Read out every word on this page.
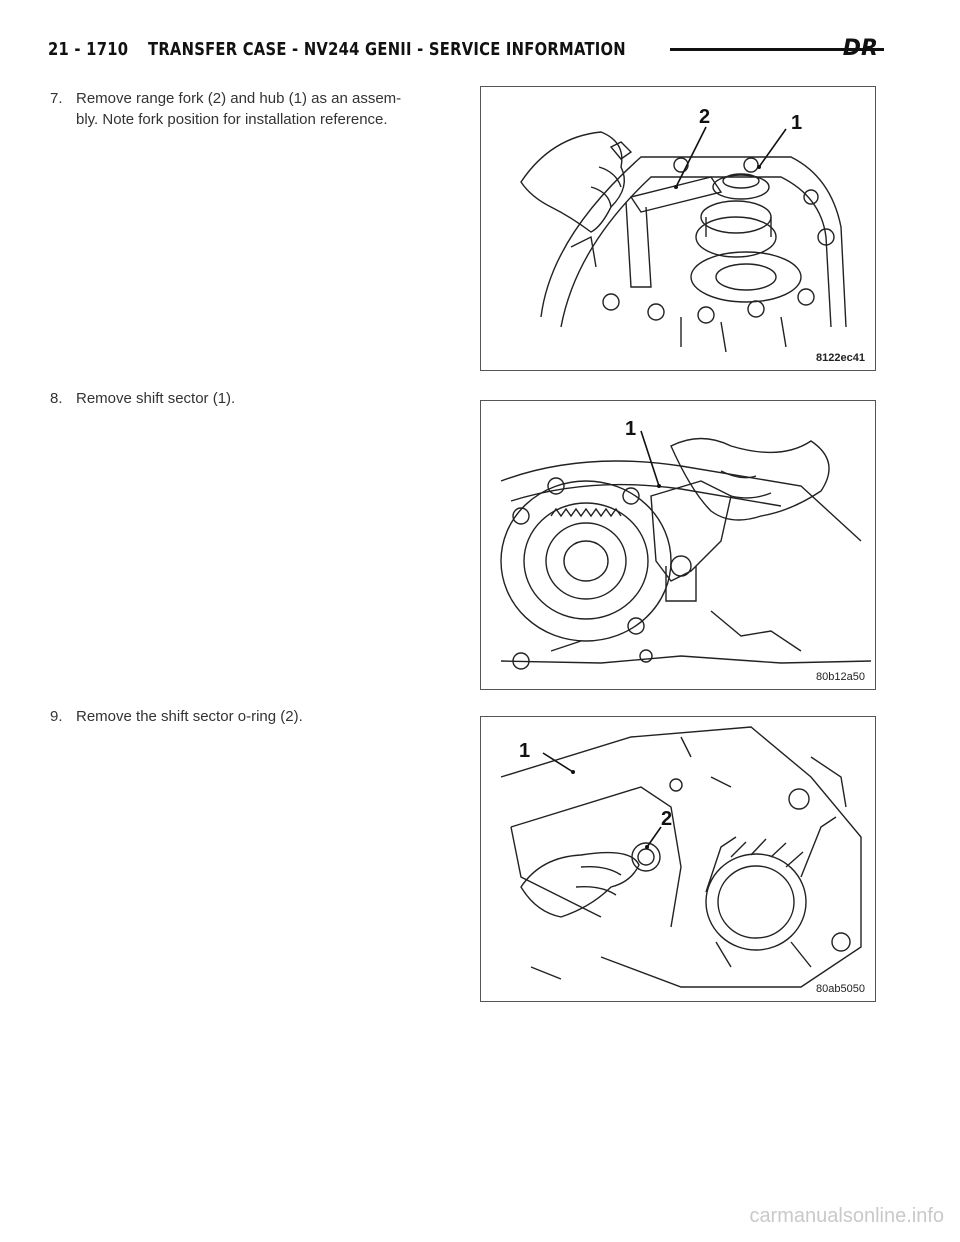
21 - 1710 TRANSFER CASE - NV244 GENII - SERVICE INFORMATION	DR
7. Remove range fork (2) and hub (1) as an assem-
bly. Note fork position for installation reference.	2	1
8122ec41
8. Remove shift sector (1).
1
80b12a50
9. Remove the shift sector o-ring (2).
1
2
80ab5050
carmanualsonline.info
